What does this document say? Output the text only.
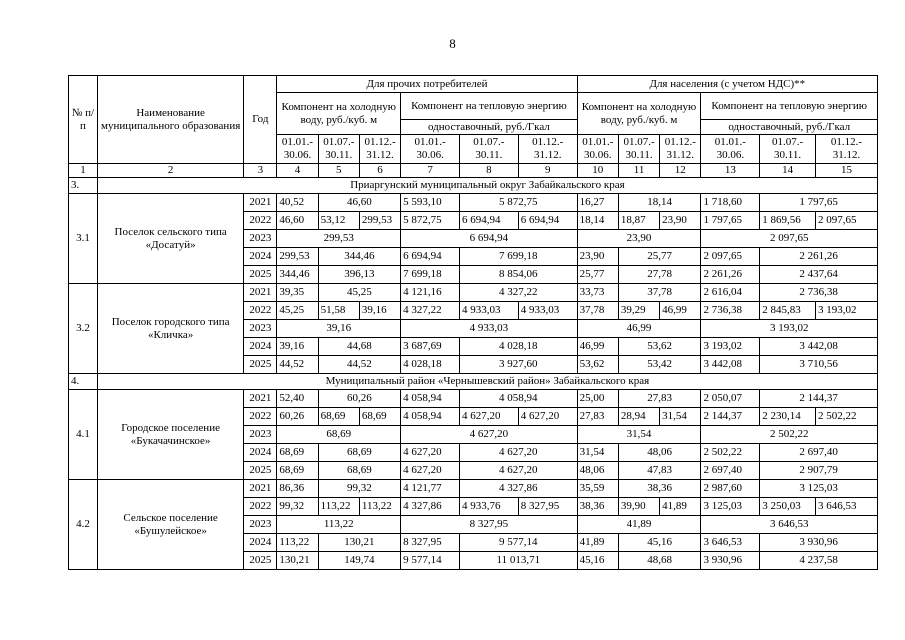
8
№ п/п	Наименование муниципального образования	Год	Для прочих потребителей						Для населения (с учетом НДС)**					
			Компонент на холодную воду, руб./куб. м			Компонент на тепловую энергию			Компонент на холодную воду, руб./куб. м			Компонент на тепловую энергию		
						одноставочный, руб./Гкал						одноставочный, руб./Гкал		
			01.01.- 30.06.	01.07.- 30.11.	01.12.- 31.12.	01.01.- 30.06.	01.07.- 30.11.	01.12.- 31.12.	01.01.- 30.06.	01.07.- 30.11.	01.12.- 31.12.	01.01.- 30.06.	01.07.- 30.11.	01.12.- 31.12.
1	2	3	4	5	6	7	8	9	10	11	12	13	14	15
3.	Приаргунский муниципальный округ Забайкальского края													
3.1	Поселок сельского типа «Досатуй»	2021	40,52	46,60		5 593,10	5 872,75		16,27	18,14		1 718,60	1 797,65	
		2022	46,60	53,12	299,53	5 872,75	6 694,94	6 694,94	18,14	18,87	23,90	1 797,65	1 869,56	2 097,65
		2023	299,53			6 694,94			23,90			2 097,65		
		2024	299,53	344,46		6 694,94	7 699,18		23,90	25,77		2 097,65	2 261,26	
		2025	344,46	396,13		7 699,18	8 854,06		25,77	27,78		2 261,26	2 437,64	
3.2	Поселок городского типа «Кличка»	2021	39,35	45,25		4 121,16	4 327,22		33,73	37,78		2 616,04	2 736,38	
		2022	45,25	51,58	39,16	4 327,22	4 933,03	4 933,03	37,78	39,29	46,99	2 736,38	2 845,83	3 193,02
		2023	39,16			4 933,03			46,99			3 193,02		
		2024	39,16	44,68		3 687,69	4 028,18		46,99	53,62		3 193,02	3 442,08	
		2025	44,52	44,52		4 028,18	3 927,60		53,62	53,42		3 442,08	3 710,56	
4.	Муниципальный район «Чернышевский район» Забайкальского края													
4.1	Городское поселение «Букачачинское»	2021	52,40	60,26		4 058,94	4 058,94		25,00	27,83		2 050,07	2 144,37	
		2022	60,26	68,69	68,69	4 058,94	4 627,20	4 627,20	27,83	28,94	31,54	2 144,37	2 230,14	2 502,22
		2023	68,69			4 627,20			31,54			2 502,22		
		2024	68,69	68,69		4 627,20	4 627,20		31,54	48,06		2 502,22	2 697,40	
		2025	68,69	68,69		4 627,20	4 627,20		48,06	47,83		2 697,40	2 907,79	
4.2	Сельское поселение «Бушулейское»	2021	86,36	99,32		4 121,77	4 327,86		35,59	38,36		2 987,60	3 125,03	
		2022	99,32	113,22	113,22	4 327,86	4 933,76	8 327,95	38,36	39,90	41,89	3 125,03	3 250,03	3 646,53
		2023	113,22			8 327,95			41,89			3 646,53		
		2024	113,22	130,21		8 327,95	9 577,14		41,89	45,16		3 646,53	3 930,96	
		2025	130,21	149,74		9 577,14	11 013,71		45,16	48,68		3 930,96	4 237,58	
